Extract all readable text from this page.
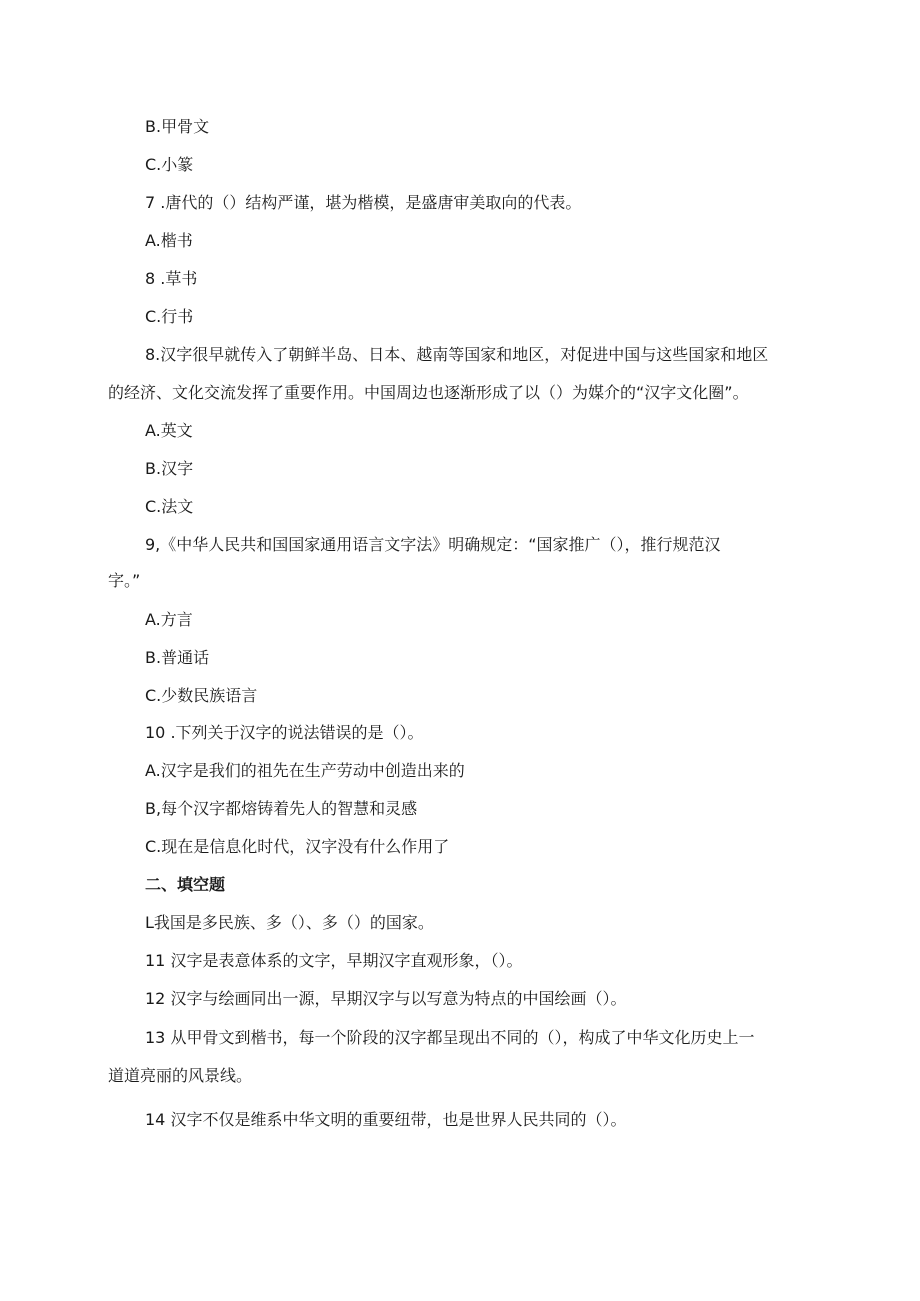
B.甲骨文
C.小篆
7 .唐代的（）结构严谨，堪为楷模，是盛唐审美取向的代表。
A.楷书
8 .草书
C.行书
8.汉字很早就传入了朝鲜半岛、日本、越南等国家和地区，对促进中国与这些国家和地区
的经济、文化交流发挥了重要作用。中国周边也逐渐形成了以（）为媒介的“汉字文化圈”。
A.英文
B.汉字
C.法文
9,《中华人民共和国国家通用语言文字法》明确规定：“国家推广（），推行规范汉
字。”
A.方言
B.普通话
C.少数民族语言
10 .下列关于汉字的说法错误的是（）。
A.汉字是我们的祖先在生产劳动中创造出来的
B,每个汉字都熔铸着先人的智慧和灵感
C.现在是信息化时代，汉字没有什么作用了
二、填空题
L我国是多民族、多（）、多（）的国家。
11 汉字是表意体系的文字，早期汉字直观形象，（）。
12 汉字与绘画同出一源，早期汉字与以写意为特点的中国绘画（）。
13 从甲骨文到楷书，每一个阶段的汉字都呈现出不同的（），构成了中华文化历史上一
道道亮丽的风景线。
14 汉字不仅是维系中华文明的重要纽带，也是世界人民共同的（）。
